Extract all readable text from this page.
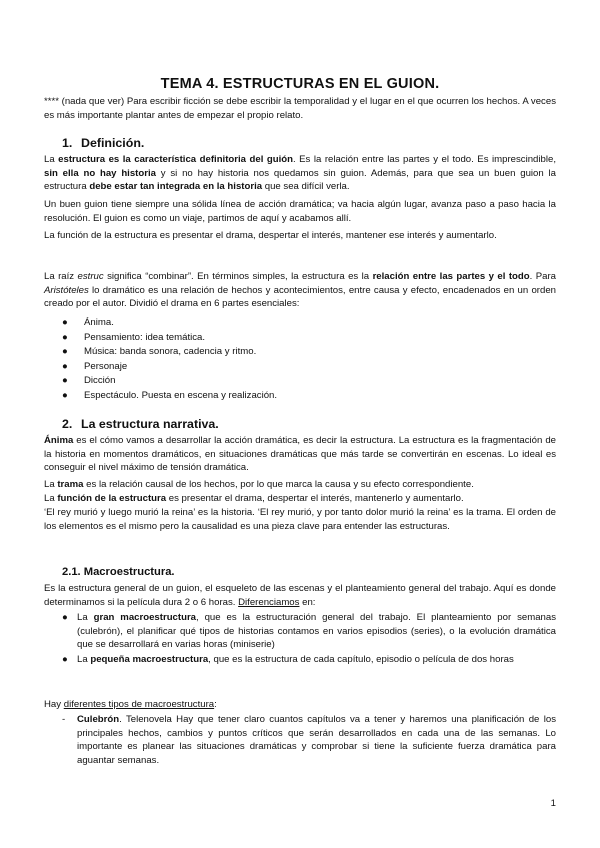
TEMA 4. ESTRUCTURAS EN EL GUION.
**** (nada que ver) Para escribir ficción se debe escribir la temporalidad y el lugar en el que ocurren los hechos. A veces es más importante plantar antes de empezar el propio relato.
1. Definición.
La estructura es la característica definitoria del guión. Es la relación entre las partes y el todo. Es imprescindible, sin ella no hay historia y si no hay historia nos quedamos sin guion. Además, para que sea un buen guion la estructura debe estar tan integrada en la historia que sea difícil verla.
Un buen guion tiene siempre una sólida línea de acción dramática; va hacia algún lugar, avanza paso a paso hacia la resolución. El guion es como un viaje, partimos de aquí y acabamos allí.
La función de la estructura es presentar el drama, despertar el interés, mantener ese interés y aumentarlo.
La raíz estruc significa “combinar”. En términos simples, la estructura es la relación entre las partes y el todo. Para Aristóteles lo dramático es una relación de hechos y acontecimientos, entre causa y efecto, encadenados en un orden creado por el autor. Dividió el drama en 6 partes esenciales:
● Ánima.
● Pensamiento: idea temática.
● Música: banda sonora, cadencia y ritmo.
● Personaje
● Dicción
● Espectáculo. Puesta en escena y realización.
2. La estructura narrativa.
Ánima es el cómo vamos a desarrollar la acción dramática, es decir la estructura. La estructura es la fragmentación de la historia en momentos dramáticos, en situaciones dramáticas que más tarde se convertirán en escenas. Lo ideal es conseguir el nivel máximo de tensión dramática.
La trama es la relación causal de los hechos, por lo que marca la causa y su efecto correspondiente.
La función de la estructura es presentar el drama, despertar el interés, mantenerlo y aumentarlo.
‘El rey murió y luego murió la reina’ es la historia. ‘El rey murió, y por tanto dolor murió la reina’ es la trama. El orden de los elementos es el mismo pero la causalidad es una pieza clave para entender las estructuras.
2.1. Macroestructura.
Es la estructura general de un guion, el esqueleto de las escenas y el planteamiento general del trabajo. Aquí es donde determinamos si la película dura 2 o 6 horas. Diferenciamos en:
● La gran macroestructura, que es la estructuración general del trabajo. El planteamiento por semanas (culebrón), el planificar qué tipos de historias contamos en varios episodios (series), o la evolución dramática que se desarrollará en varias horas (miniserie)
● La pequeña macroestructura, que es la estructura de cada capítulo, episodio o película de dos horas
Hay diferentes tipos de macroestructura:
- Culebrón. Telenovela Hay que tener claro cuantos capítulos va a tener y haremos una planificación de los principales hechos, cambios y puntos críticos que serán desarrollados en cada una de las semanas. Lo importante es planear las situaciones dramáticas y comprobar si tiene la suficiente fuerza dramática para aguantar semanas.
1
